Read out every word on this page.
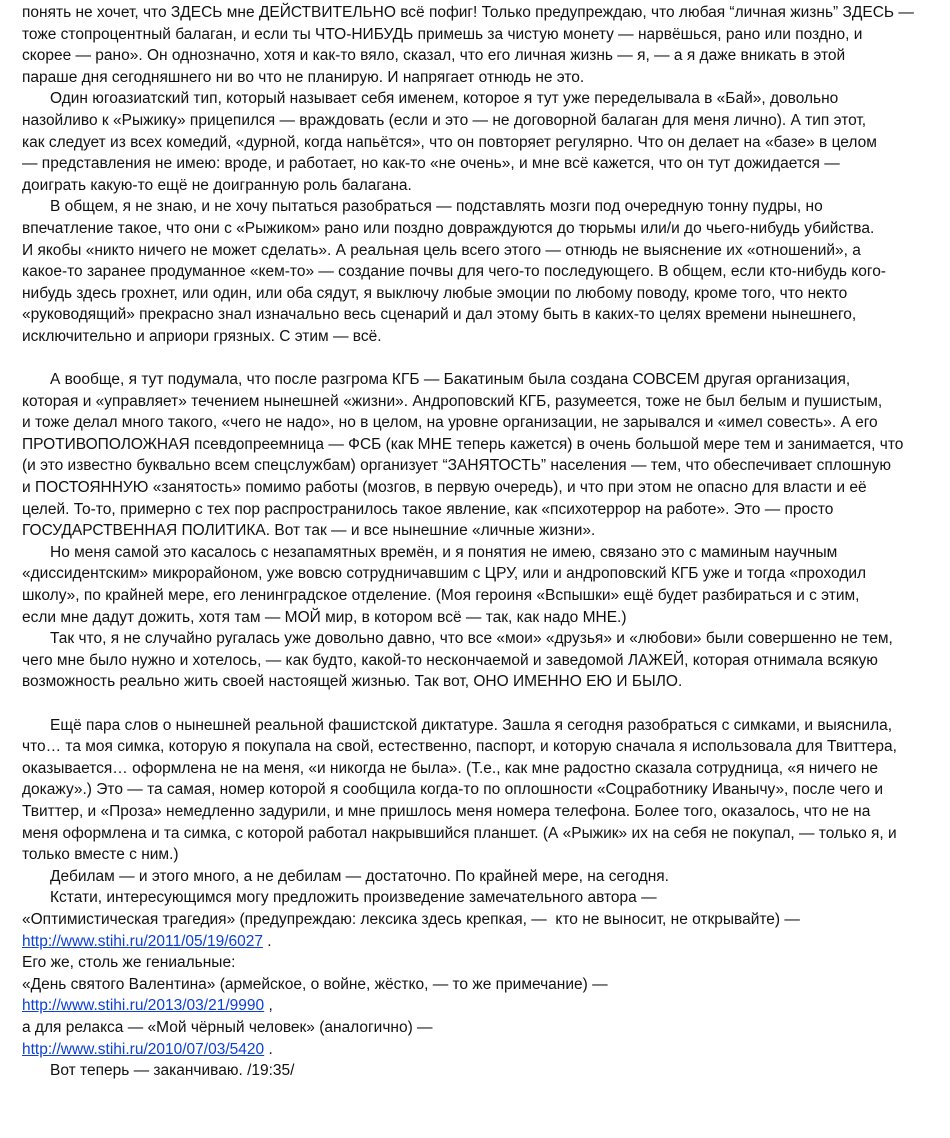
понять не хочет, что ЗДЕСЬ мне ДЕЙСТВИТЕЛЬНО всё пофиг! Только предупреждаю, что любая “личная жизнь” ЗДЕСЬ —
тоже стопроцентный балаган, и если ты ЧТО-НИБУДЬ примешь за чистую монету — нарвёшься, рано или поздно, и
скорее — рано». Он однозначно, хотя и как-то вяло, сказал, что его личная жизнь — я, — а я даже вникать в этой
параше дня сегодняшнего ни во что не планирую. И напрягает отнюдь не это.
Один югоазиатский тип, который называет себя именем, которое я тут уже переделывала в «Бай», довольно
назойливо к «Рыжику» прицепился — враждовать (если и это — не договорной балаган для меня лично). А тип этот,
как следует из всех комедий, «дурной, когда напьётся», что он повторяет регулярно. Что он делает на «базе» в целом
— представления не имею: вроде, и работает, но как-то «не очень», и мне всё кажется, что он тут дожидается —
доиграть какую-то ещё не доигранную роль балагана.
В общем, я не знаю, и не хочу пытаться разобраться — подставлять мозги под очередную тонну пудры, но
впечатление такое, что они с «Рыжиком» рано или поздно довраждуются до тюрьмы или/и до чьего-нибудь убийства.
И якобы «никто ничего не может сделать». А реальная цель всего этого — отнюдь не выяснение их «отношений», а
какое-то заранее продуманное «кем-то» — создание почвы для чего-то последующего. В общем, если кто-нибудь кого-
нибудь здесь грохнет, или один, или оба сядут, я выключу любые эмоции по любому поводу, кроме того, что некто
«руководящий» прекрасно знал изначально весь сценарий и дал этому быть в каких-то целях времени нынешнего,
исключительно и априори грязных. С этим — всё.
А вообще, я тут подумала, что после разгрома КГБ — Бакатиным была создана СОВСЕМ другая организация,
которая и «управляет» течением нынешней «жизни». Андроповский КГБ, разумеется, тоже не был белым и пушистым,
и тоже делал много такого, «чего не надо», но в целом, на уровне организации, не зарывался и «имел совесть». А его
ПРОТИВОПОЛОЖНАЯ псевдопреемница — ФСБ (как МНЕ теперь кажется) в очень большой мере тем и занимается, что
(и это известно буквально всем спецслужбам) организует “ЗАНЯТОСТЬ” населения — тем, что обеспечивает сплошную
и ПОСТОЯННУЮ «занятость» помимо работы (мозгов, в первую очередь), и что при этом не опасно для власти и её
целей. То-то, примерно с тех пор распространилось такое явление, как «психотеррор на работе». Это — просто
ГОСУДАРСТВЕННАЯ ПОЛИТИКА. Вот так — и все нынешние «личные жизни».
Но меня самой это касалось с незапамятных времён, и я понятия не имею, связано это с маминым научным
«диссидентским» микрорайоном, уже вовсю сотрудничавшим с ЦРУ, или и андроповский КГБ уже и тогда «проходил
школу», по крайней мере, его ленинградское отделение. (Моя героиня «Вспышки» ещё будет разбираться и с этим,
если мне дадут дожить, хотя там — МОЙ мир, в котором всё — так, как надо МНЕ.)
Так что, я не случайно ругалась уже довольно давно, что все «мои» «друзья» и «любови» были совершенно не тем,
чего мне было нужно и хотелось, — как будто, какой-то нескончаемой и заведомой ЛАЖЕЙ, которая отнимала всякую
возможность реально жить своей настоящей жизнью. Так вот, ОНО ИМЕННО ЕЮ И БЫЛО.
Ещё пара слов о нынешней реальной фашистской диктатуре. Зашла я сегодня разобраться с симками, и выяснила,
что… та моя симка, которую я покупала на свой, естественно, паспорт, и которую сначала я использовала для Твиттера,
оказывается… оформлена не на меня, «и никогда не была». (Т.е., как мне радостно сказала сотрудница, «я ничего не
докажу».) Это — та самая, номер которой я сообщила когда-то по оплошности «Соцработнику Иванычу», после чего и
Твиттер, и «Проза» немедленно задурили, и мне пришлось меня номера телефона. Более того, оказалось, что не на
меня оформлена и та симка, с которой работал накрывшийся планшет. (А «Рыжик» их на себя не покупал, — только я, и
только вместе с ним.)
Дебилам — и этого много, а не дебилам — достаточно. По крайней мере, на сегодня.
Кстати, интересующимся могу предложить произведение замечательного автора —
«Оптимистическая трагедия» (предупреждаю: лексика здесь крепкая, —  кто не выносит, не открывайте) —
http://www.stihi.ru/2011/05/19/6027 .
Его же, столь же гениальные:
«День святого Валентина» (армейское, о войне, жёстко, — то же примечание) —
http://www.stihi.ru/2013/03/21/9990 ,
а для релакса — «Мой чёрный человек» (аналогично) —
http://www.stihi.ru/2010/07/03/5420 .
Вот теперь — заканчиваю. /19:35/
